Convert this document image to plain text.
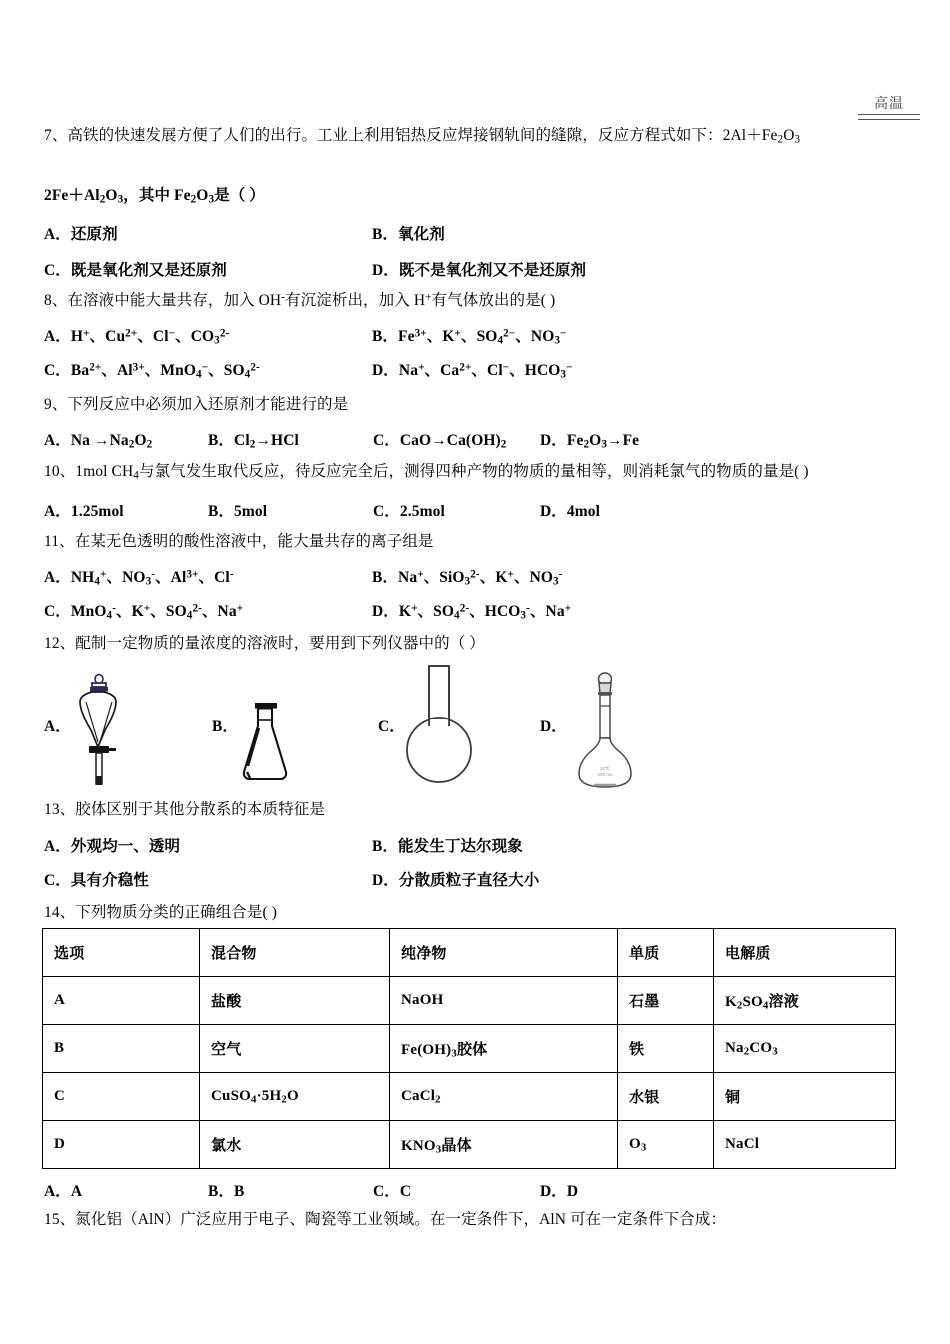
高温
7、高铁的快速发展方便了人们的出行。工业上利用铝热反应焊接钢轨间的缝隙，反应方程式如下：$2Al+Fe_2O_3$
$2Fe+Al_2O_3$，其中 $Fe_2O_3$是（ ）
A．还原剂	B．氧化剂
C．既是氧化剂又是还原剂	D．既不是氧化剂又不是还原剂
8、在溶液中能大量共存，加入 OH-有沉淀析出，加入 H+有气体放出的是( )
A．H+、$Cu^{2+}$、Cl−、$CO_3^{2-}$	B．$Fe^{3+}$、K+、$SO_4^{2-}$、$NO_3^-$
C．$Ba^{2+}$、$Al^{3+}$、MnO$_4$−、$SO_4^{2-}$	D．Na+、$Ca^{2+}$、Cl−、$HCO_3^-$
9、下列反应中必须加入还原剂才能进行的是
A．$Na \to Na_2O_2$	B．$Cl_2\to HCl$	C．$CaO\to Ca(OH)_2$ D．$Fe_2O_3\to Fe$
10、1mol $CH_4$与氯气发生取代反应，待反应完全后，测得四种产物的物质的量相等，则消耗氯气的物质的量是( )
A．1.25mol	B．5mol	C．2.5mol	D．4mol
11、在某无色透明的酸性溶液中，能大量共存的离子组是
A．$NH_4^+$、$NO_3^-$、$Al^{3+}$、Cl-	B．Na+、SiO$_3^{2-}$、K+、$NO_3^-$
C．MnO$_4$-、K+、$SO_4^{2-}$、Na+	D．K+、$SO_4^{2-}$、$HCO_3^-$、Na+
12、配制一定物质的量浓度的溶液时，要用到下列仪器中的（ ）
A．	B．	C．	D．
20℃
250 mL
13、胶体区别于其他分散系的本质特征是
A．外观均一、透明	B．能发生丁达尔现象
C．具有介稳性	D．分散质粒子直径大小
14、下列物质分类的正确组合是( )
选项	混合物	纯净物	单质	电解质
A	盐酸	NaOH	石墨	$K_2SO_4$溶液
B	空气	$Fe(OH)_3$胶体	铁	$Na_2CO_3$
C	$CuSO_4\cdot 5H_2O$	CaCl$_2$	水银	铜
D	氯水	$KNO_3$晶体	$O_3$	NaCl
A．A	B．B	C．C	D．D
15、氮化铝（AlN）广泛应用于电子、陶瓷等工业领域。在一定条件下，AlN 可在一定条件下合成：
